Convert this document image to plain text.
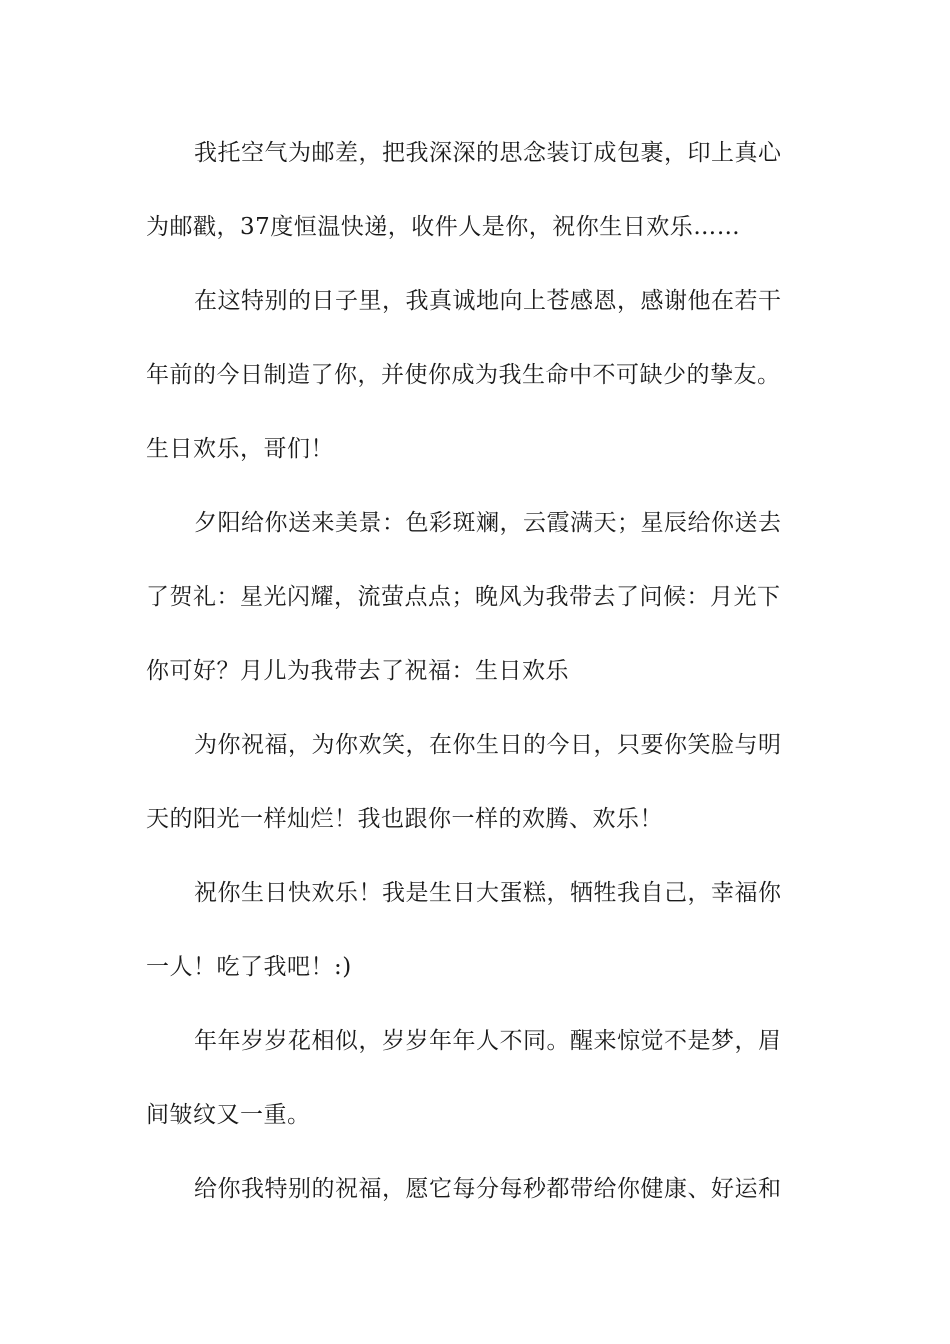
我托空气为邮差，把我深深的思念装订成包裹，印上真心

为邮戳，37度恒温快递，收件人是你，祝你生日欢乐……

在这特别的日子里，我真诚地向上苍感恩，感谢他在若干

年前的今日制造了你，并使你成为我生命中不可缺少的挚友。

生日欢乐，哥们！

夕阳给你送来美景：色彩斑斓，云霞满天；星辰给你送去

了贺礼：星光闪耀，流萤点点；晚风为我带去了问候：月光下

你可好？月儿为我带去了祝福：生日欢乐

为你祝福，为你欢笑，在你生日的今日，只要你笑脸与明

天的阳光一样灿烂！我也跟你一样的欢腾、欢乐！

祝你生日快欢乐！我是生日大蛋糕，牺牲我自己，幸福你

一人！吃了我吧！:)

年年岁岁花相似，岁岁年年人不同。醒来惊觉不是梦，眉

间皱纹又一重。

给你我特别的祝福，愿它每分每秒都带给你健康、好运和
